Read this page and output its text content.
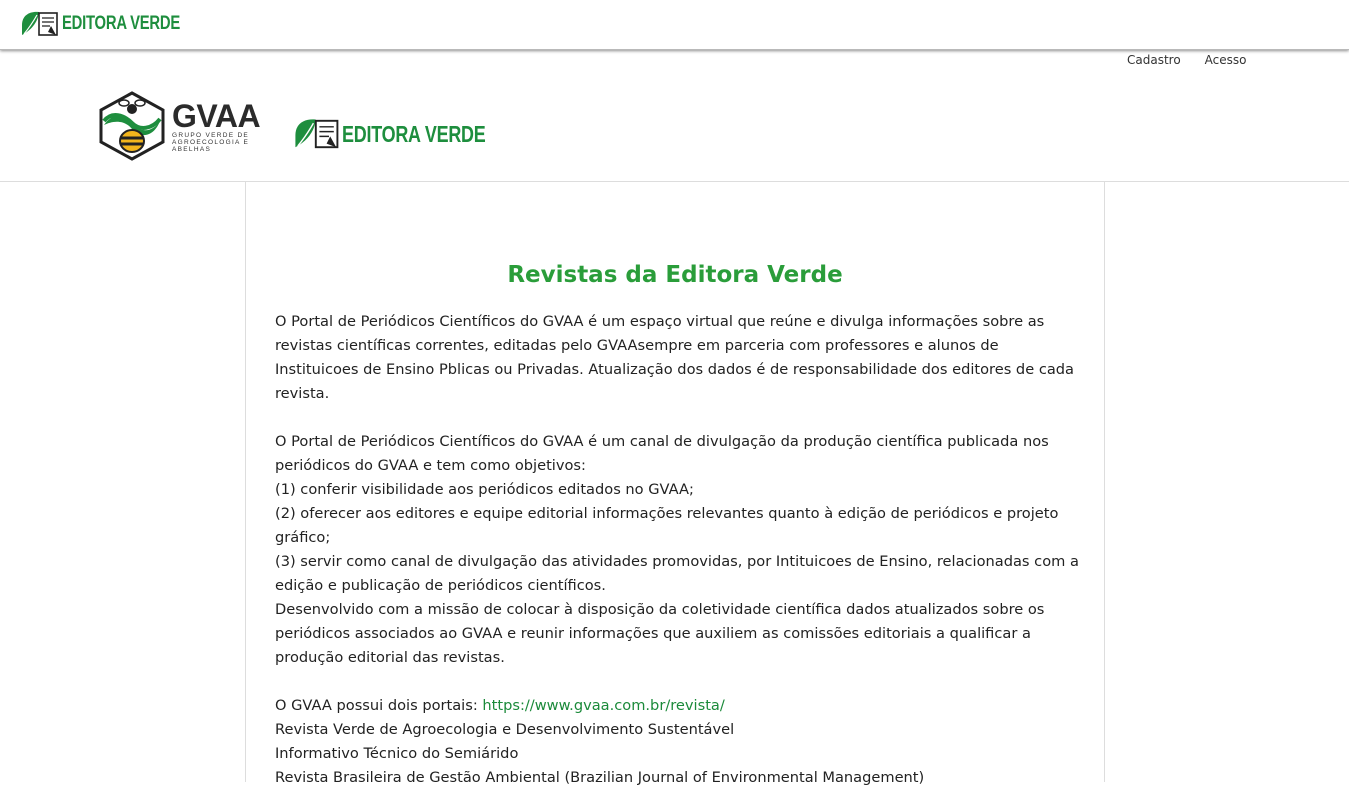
EDITORA VERDE
Cadastro Acesso
GVAA
GRUPO VERDE DE AGROECOLOGIA E ABELHAS
EDITORA VERDE
Revistas da Editora Verde

O Portal de Periódicos Científicos do GVAA é um espaço virtual que reúne e divulga informações sobre as revistas científicas correntes, editadas pelo GVAAsempre em parceria com professores e alunos de Instituicoes de Ensino Pblicas ou Privadas. Atualização dos dados é de responsabilidade dos editores de cada revista.

O Portal de Periódicos Científicos do GVAA é um canal de divulgação da produção científica publicada nos periódicos do GVAA e tem como objetivos:

(1) conferir visibilidade aos periódicos editados no GVAA;

(2) oferecer aos editores e equipe editorial informações relevantes quanto à edição de periódicos e projeto gráfico;

(3) servir como canal de divulgação das atividades promovidas, por Intituicoes de Ensino, relacionadas com a edição e publicação de periódicos científicos.

Desenvolvido com a missão de colocar à disposição da coletividade científica dados atualizados sobre os periódicos associados ao GVAA e reunir informações que auxiliem as comissões editoriais a qualificar a produção editorial das revistas.

O GVAA possui dois portais: https://www.gvaa.com.br/revista/

Revista Verde de Agroecologia e Desenvolvimento Sustentável

Informativo Técnico do Semiárido

Revista Brasileira de Gestão Ambiental (Brazilian Journal of Environmental Management)
